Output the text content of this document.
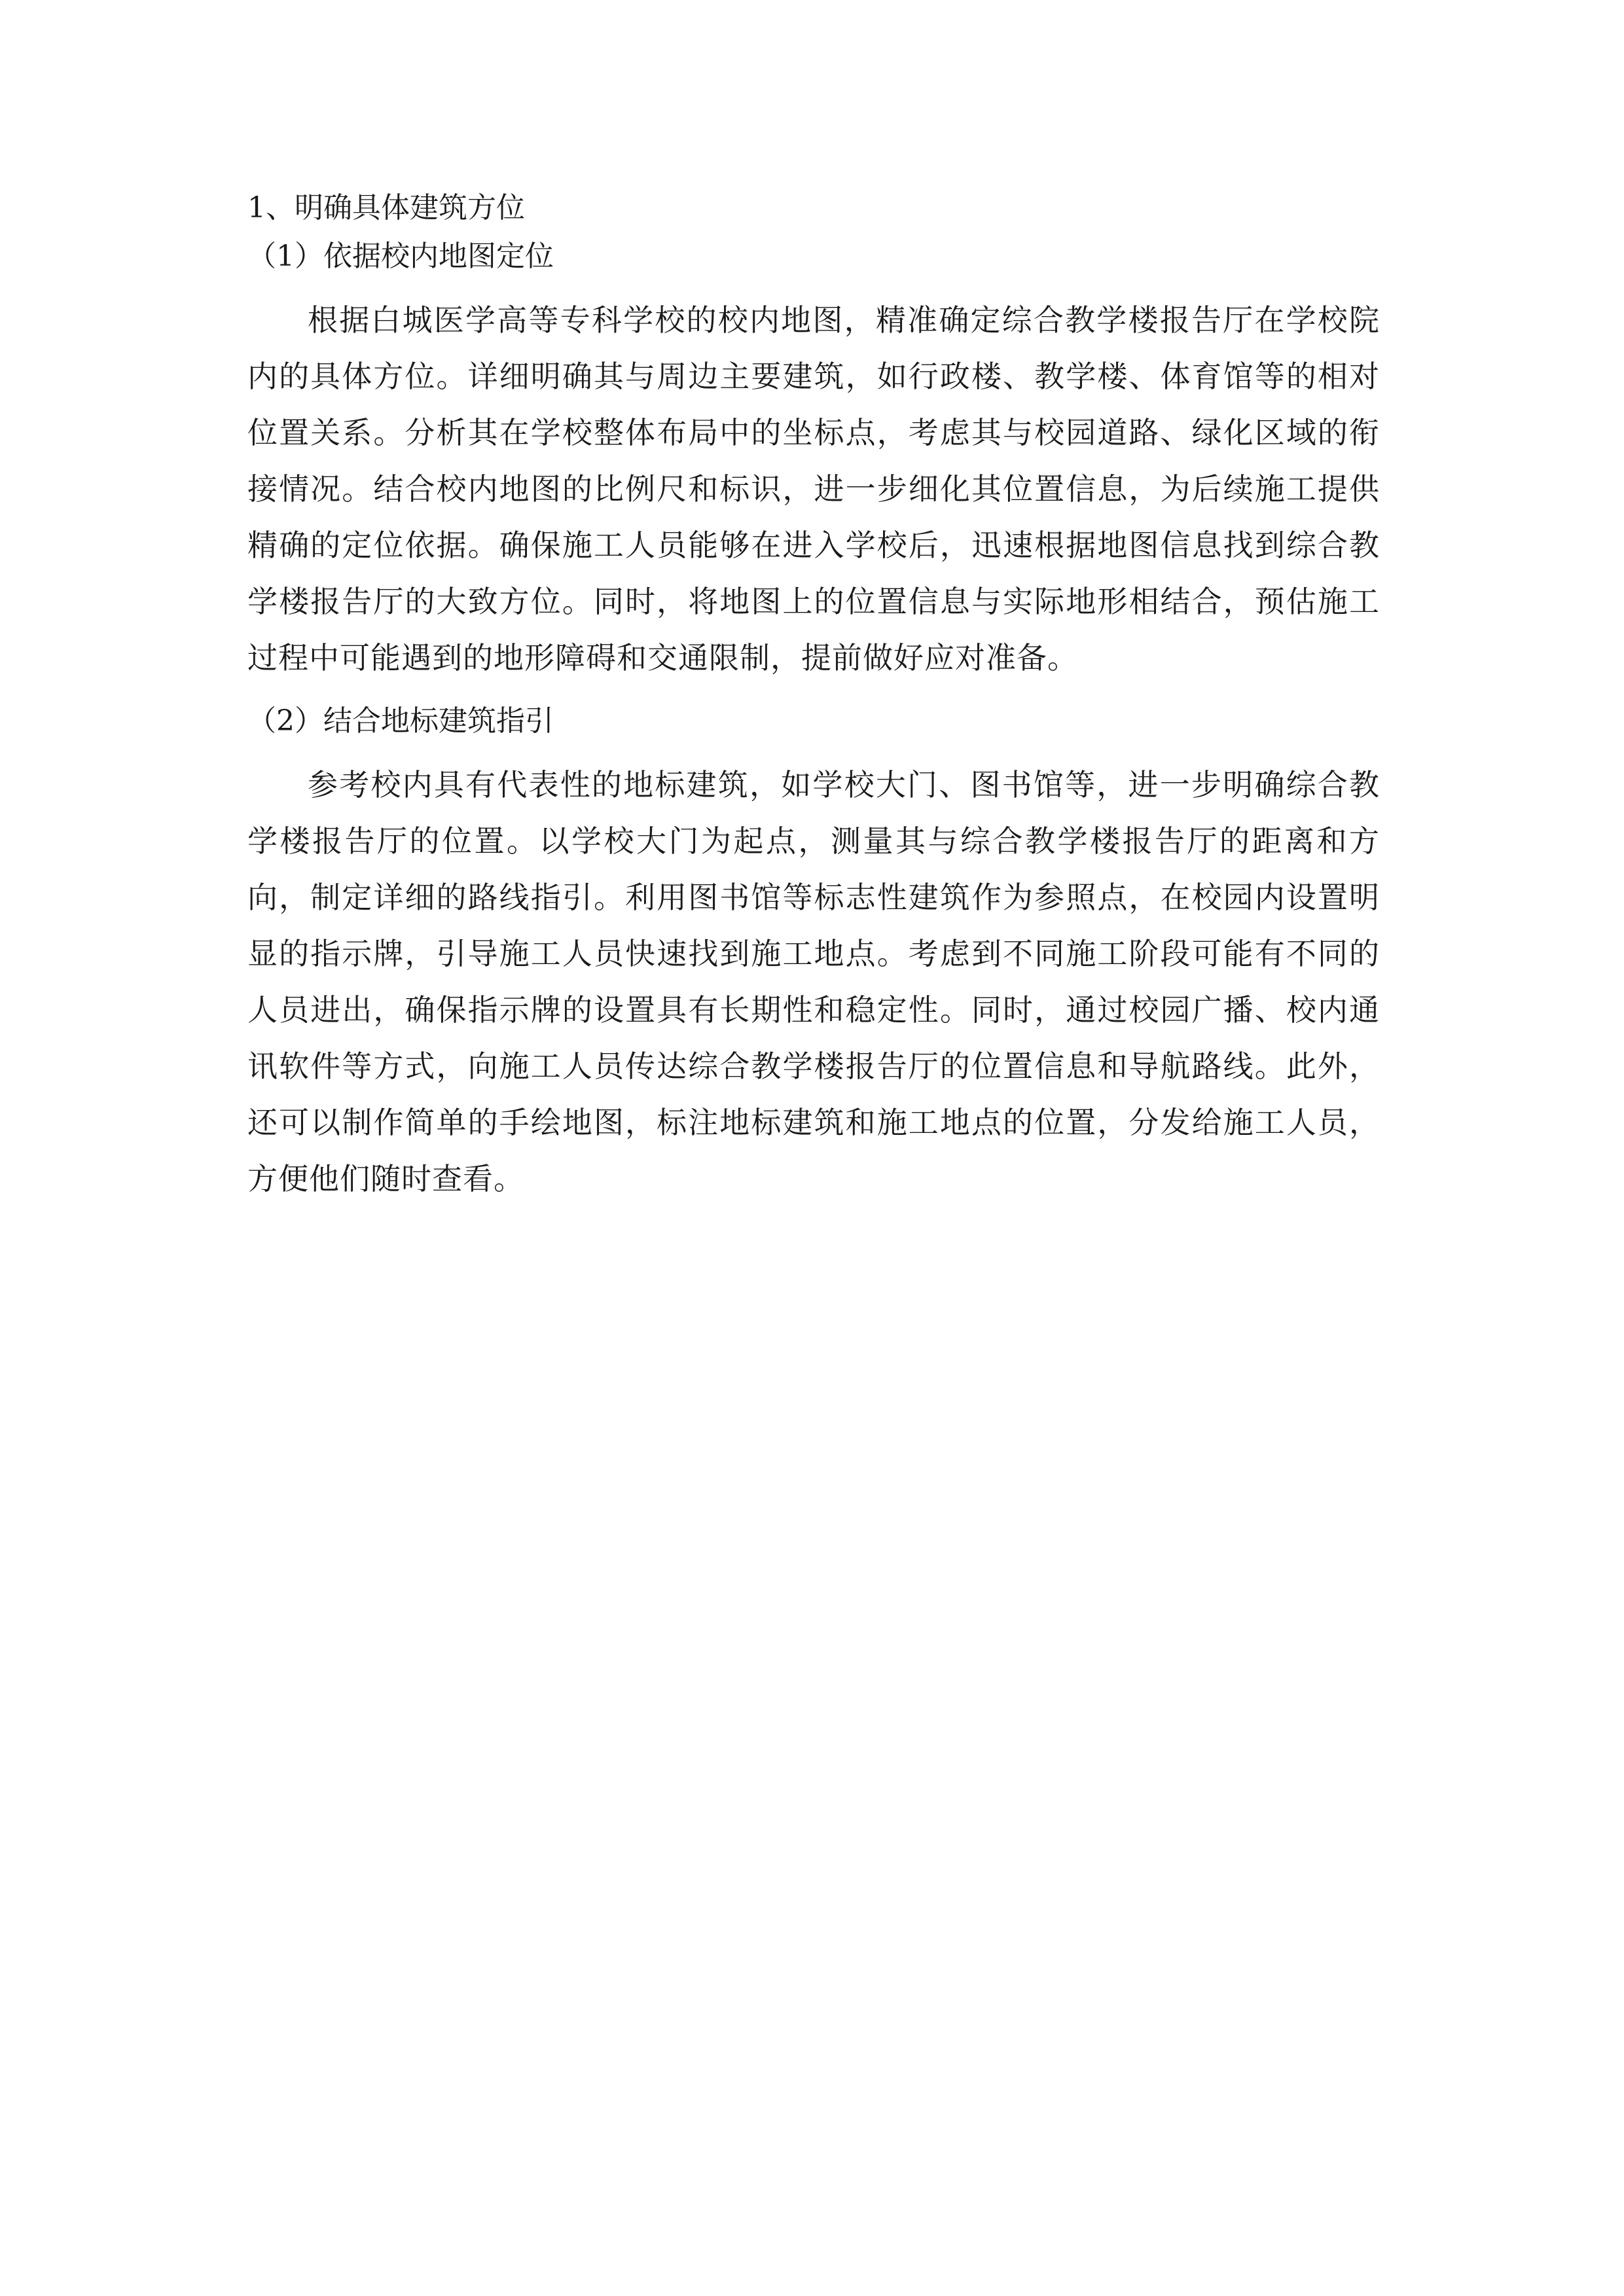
1、明确具体建筑方位
（1）依据校内地图定位

根据白城医学高等专科学校的校内地图，精准确定综合教学楼报告厅在学校院内的具体方位。详细明确其与周边主要建筑，如行政楼、教学楼、体育馆等的相对位置关系。分析其在学校整体布局中的坐标点，考虑其与校园道路、绿化区域的衔接情况。结合校内地图的比例尺和标识，进一步细化其位置信息，为后续施工提供精确的定位依据。确保施工人员能够在进入学校后，迅速根据地图信息找到综合教学楼报告厅的大致方位。同时，将地图上的位置信息与实际地形相结合，预估施工过程中可能遇到的地形障碍和交通限制，提前做好应对准备。

（2）结合地标建筑指引

参考校内具有代表性的地标建筑，如学校大门、图书馆等，进一步明确综合教学楼报告厅的位置。以学校大门为起点，测量其与综合教学楼报告厅的距离和方向，制定详细的路线指引。利用图书馆等标志性建筑作为参照点，在校园内设置明显的指示牌，引导施工人员快速找到施工地点。考虑到不同施工阶段可能有不同的人员进出，确保指示牌的设置具有长期性和稳定性。同时，通过校园广播、校内通讯软件等方式，向施工人员传达综合教学楼报告厅的位置信息和导航路线。此外，还可以制作简单的手绘地图，标注地标建筑和施工地点的位置，分发给施工人员，方便他们随时查看。
